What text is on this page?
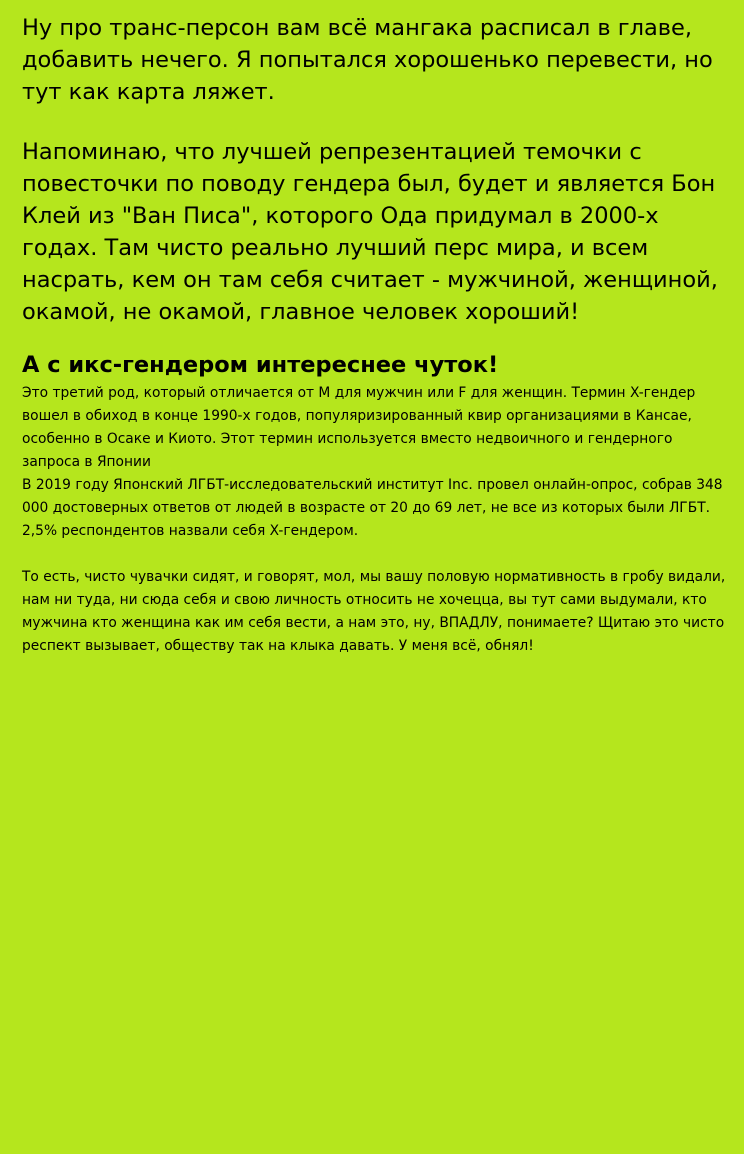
Ну про транс-персон вам всё мангака расписал в главе, добавить нечего. Я попытался хорошенько перевести, но тут как карта ляжет.

Напоминаю, что лучшей репрезентацией темочки с повесточки по поводу гендера был, будет и является Бон Клей из "Ван Писа", которого Ода придумал в 2000-х годах. Там чисто реально лучший перс мира, и всем насрать, кем он там себя считает - мужчиной, женщиной, окамой, не окамой, главное человек хороший!

А с икс-гендером интереснее чуток!

Это третий род, который отличается от М для мужчин или F для женщин. Термин X-гендер вошел в обиход в конце 1990-х годов, популяризированный квир организациями в Кансае, особенно в Осаке и Киото. Этот термин используется вместо недвоичного и гендерного запроса в Японии

В 2019 году Японский ЛГБТ-исследовательский институт Inc. провел онлайн-опрос, собрав 348 000 достоверных ответов от людей в возрасте от 20 до 69 лет, не все из которых были ЛГБТ. 2,5% респондентов назвали себя X-гендером.

То есть, чисто чувачки сидят, и говорят, мол, мы вашу половую нормативность в гробу видали, нам ни туда, ни сюда себя и свою личность относить не хочецца, вы тут сами выдумали, кто мужчина кто женщина как им себя вести, а нам это, ну, ВПАДЛУ, понимаете? Щитаю это чисто респект вызывает, обществу так на клыка давать. У меня всё, обнял!
